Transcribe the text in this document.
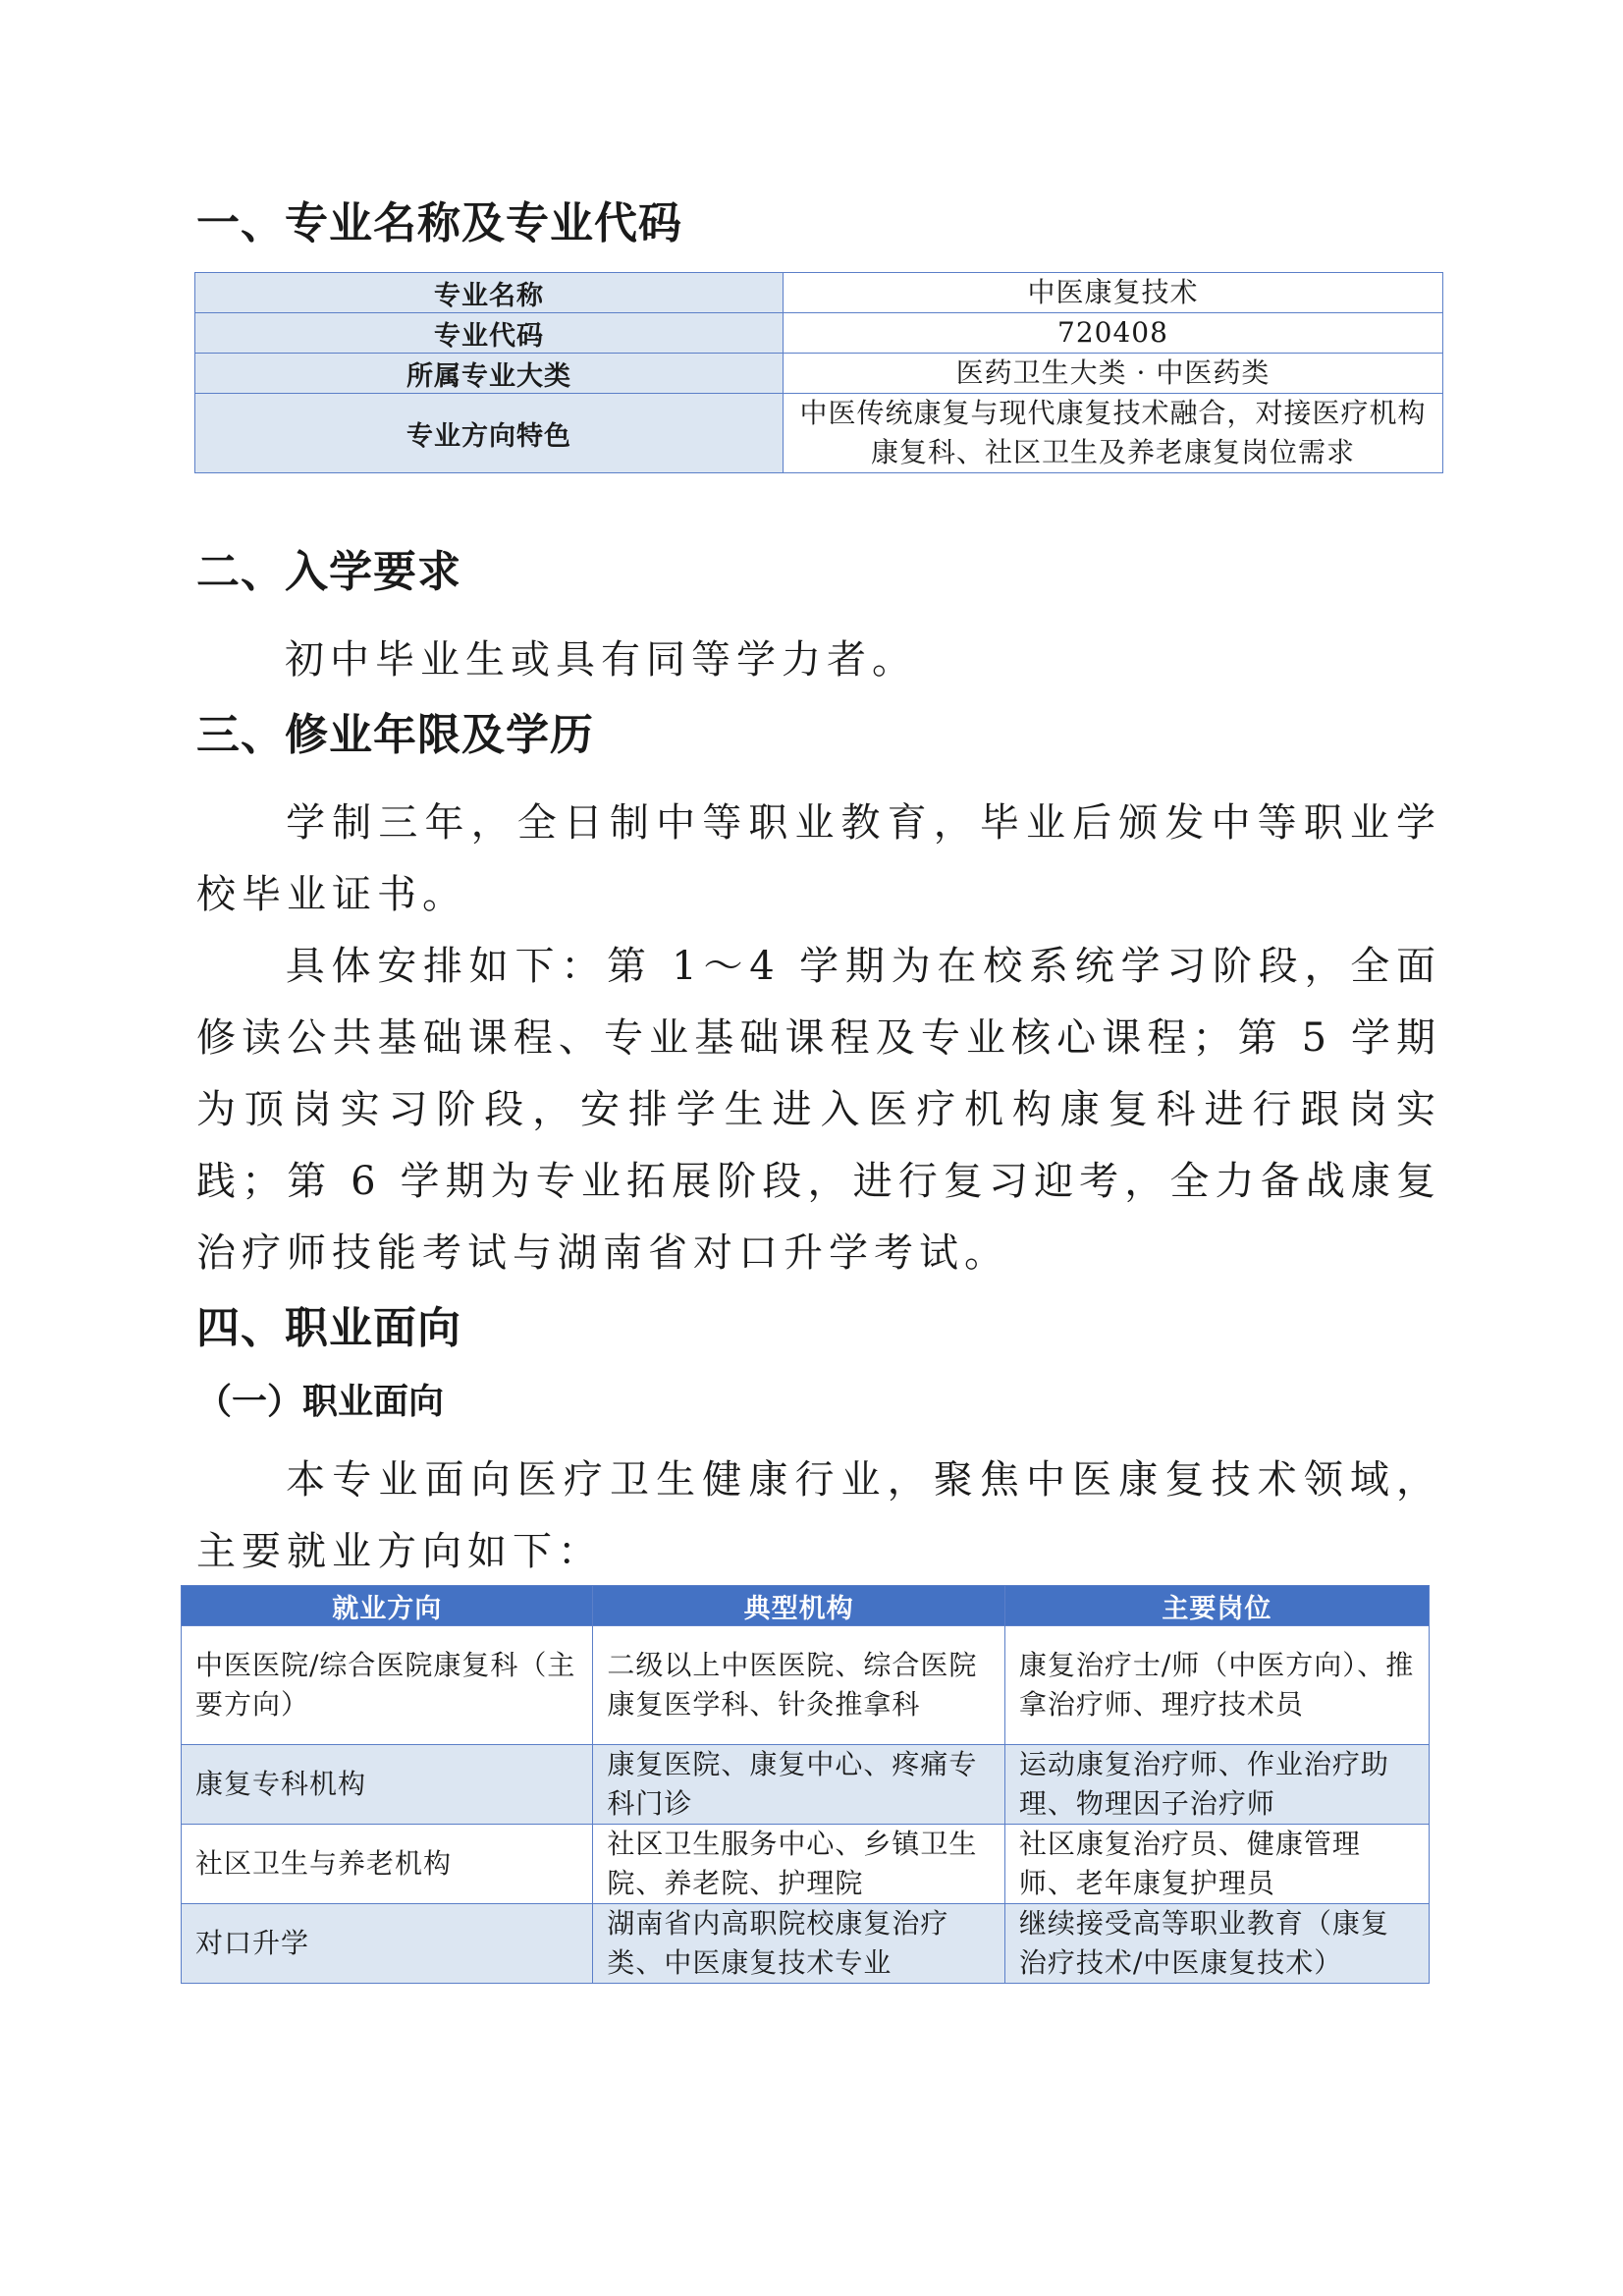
一、专业名称及专业代码
专业名称	中医康复技术
专业代码	720408
所属专业大类	医药卫生大类 · 中医药类
专业方向特色	中医传统康复与现代康复技术融合，对接医疗机构康复科、社区卫生及养老康复岗位需求
二、入学要求

初中毕业生或具有同等学力者。

三、修业年限及学历

学制三年，全日制中等职业教育，毕业后颁发中等职业学校毕业证书。

具体安排如下：第 1～4 学期为在校系统学习阶段，全面修读公共基础课程、专业基础课程及专业核心课程；第 5 学期为顶岗实习阶段，安排学生进入医疗机构康复科进行跟岗实践；第 6 学期为专业拓展阶段，进行复习迎考，全力备战康复治疗师技能考试与湖南省对口升学考试。

四、职业面向
（一）职业面向

本专业面向医疗卫生健康行业，聚焦中医康复技术领域，主要就业方向如下：

就业方向	典型机构	主要岗位
中医医院/综合医院康复科（主要方向）	二级以上中医医院、综合医院康复医学科、针灸推拿科	康复治疗士/师（中医方向）、推拿治疗师、理疗技术员
康复专科机构	康复医院、康复中心、疼痛专科门诊	运动康复治疗师、作业治疗助理、物理因子治疗师
社区卫生与养老机构	社区卫生服务中心、乡镇卫生院、养老院、护理院	社区康复治疗员、健康管理师、老年康复护理员
对口升学	湖南省内高职院校康复治疗类、中医康复技术专业	继续接受高等职业教育（康复治疗技术/中医康复技术）
